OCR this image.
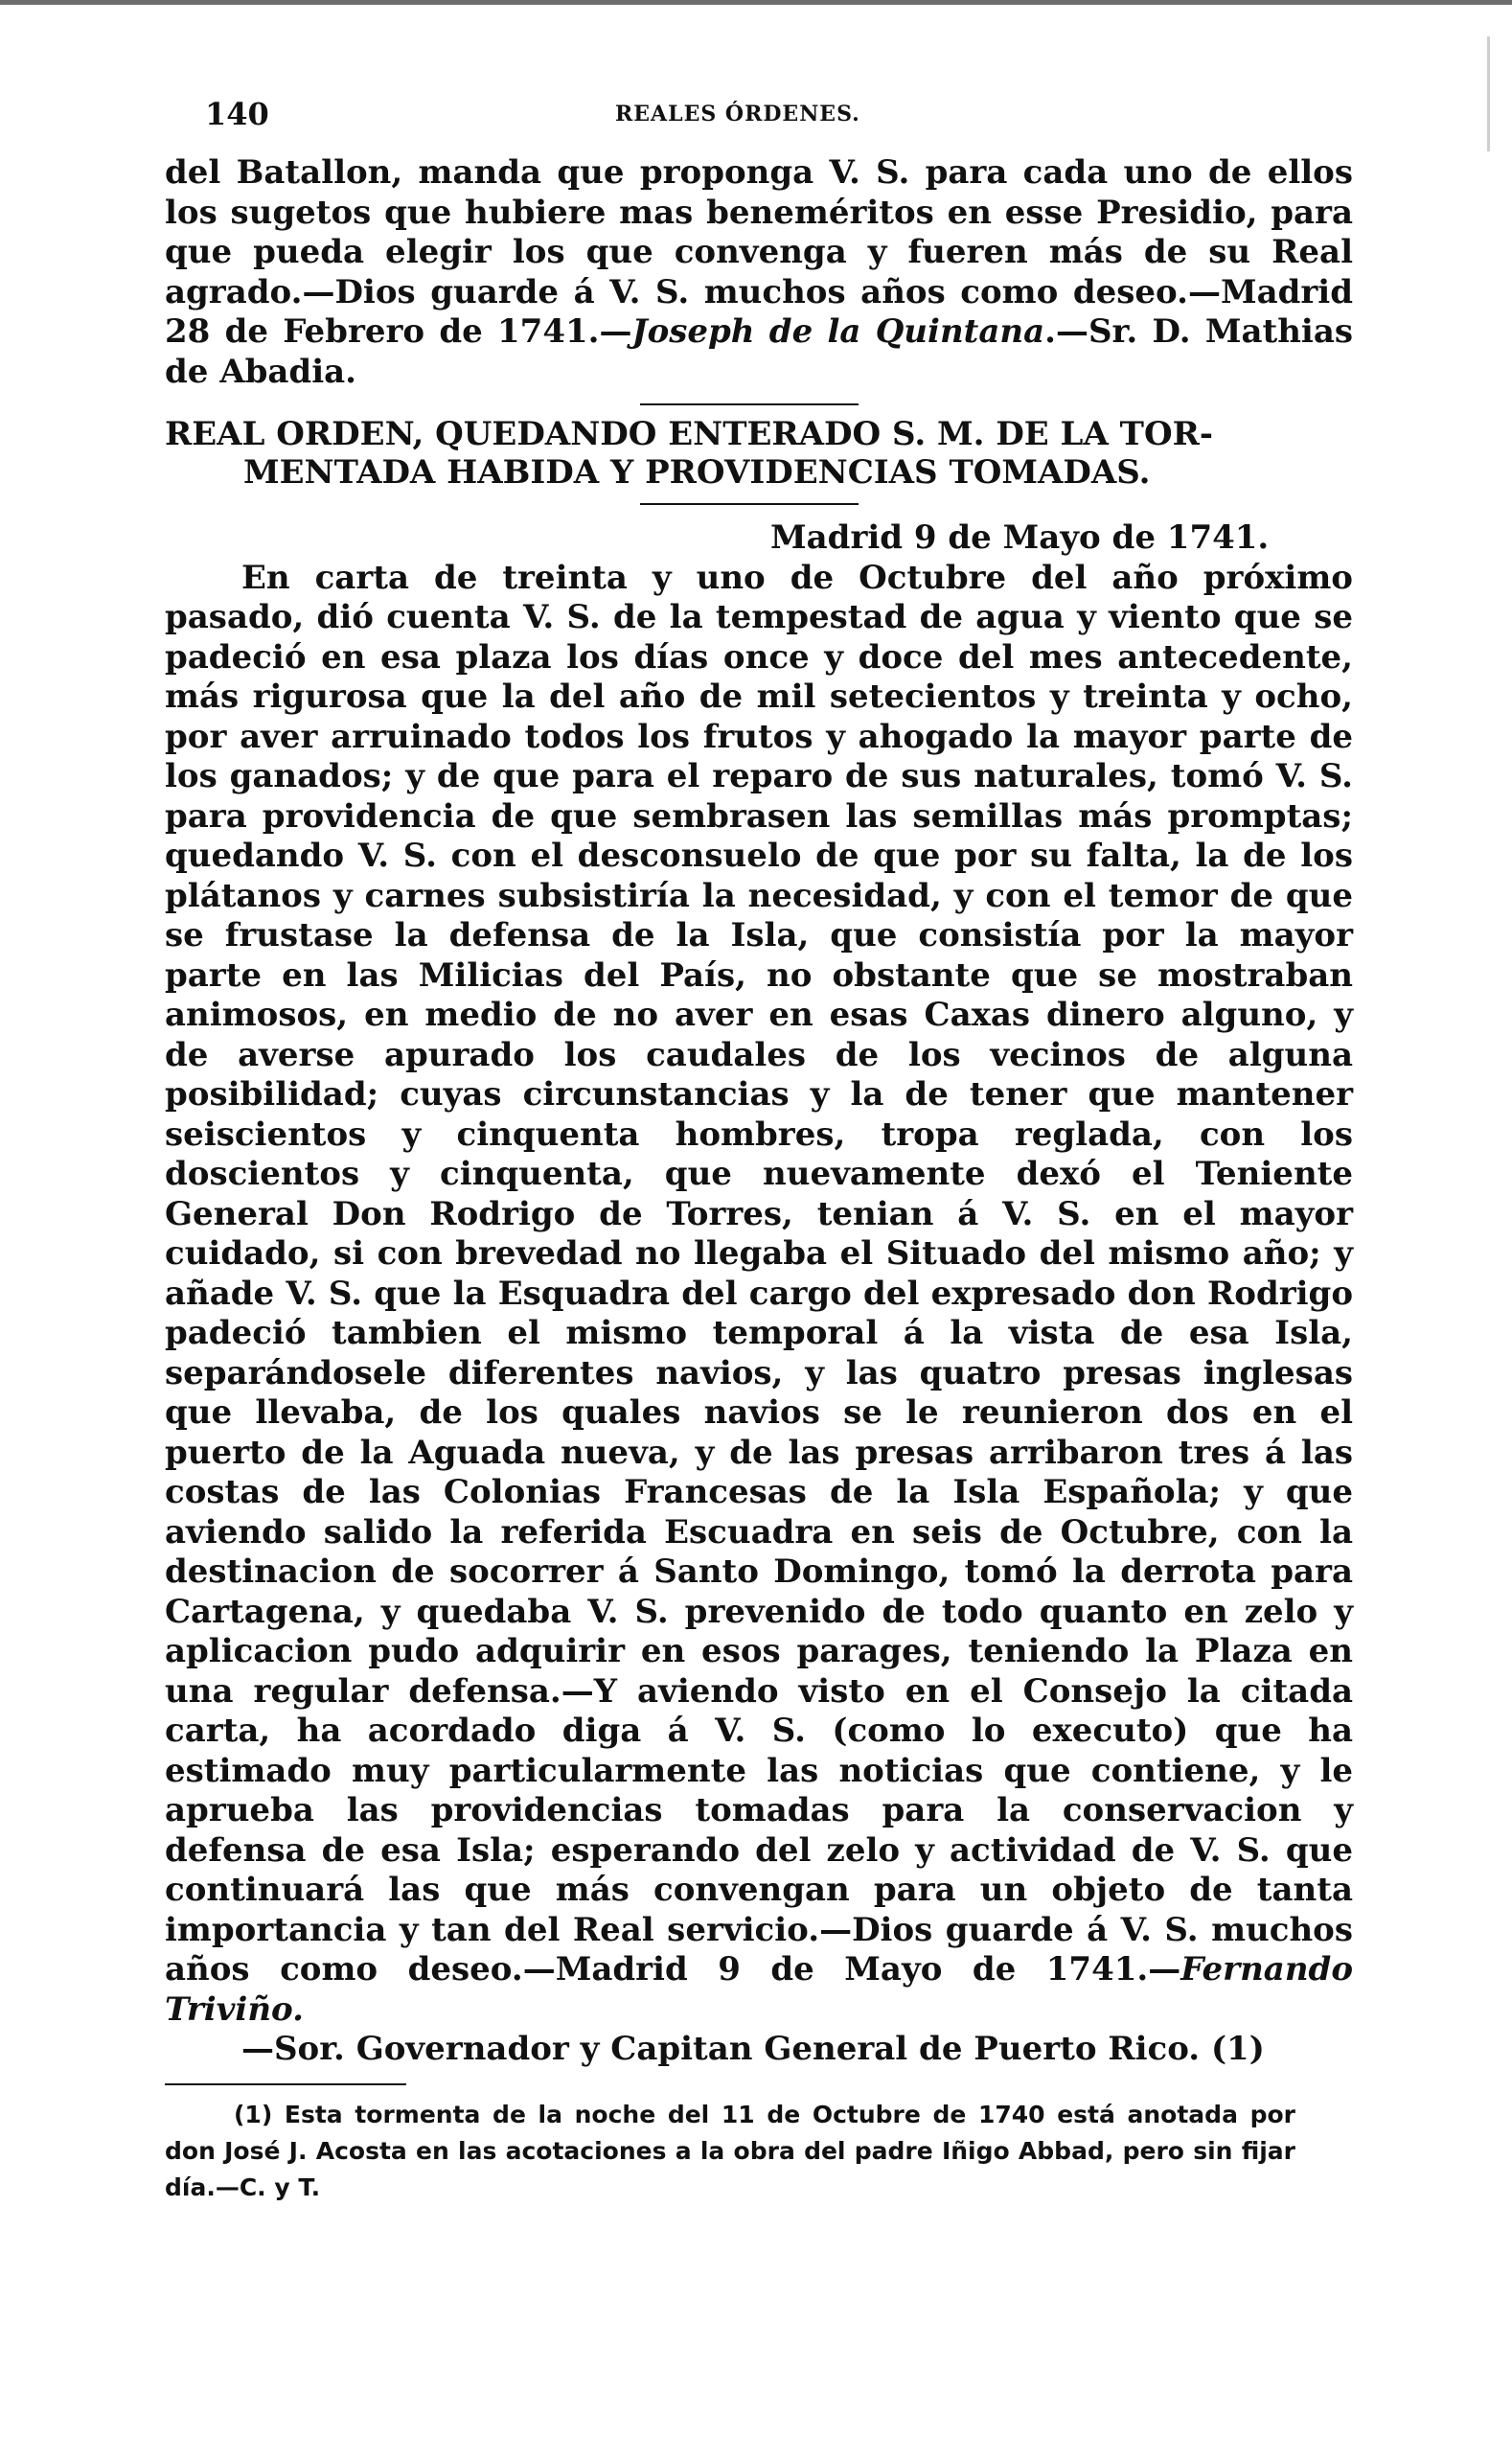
140	REALES ÓRDENES.

del Batallon, manda que proponga V. S. para cada uno de ellos los sugetos que hubiere mas beneméritos en esse Presidio, para que pueda elegir los que convenga y fueren más de su Real agrado.—Dios guarde á V. S. muchos años como deseo.—Madrid 28 de Febrero de 1741.—Joseph de la Quintana.—Sr. D. Mathias de Abadia.

REAL ORDEN, QUEDANDO ENTERADO S. M. DE LA TOR-
MENTADA HABIDA Y PROVIDENCIAS TOMADAS.

Madrid 9 de Mayo de 1741.

En carta de treinta y uno de Octubre del año próximo pasado, dió cuenta V. S. de la tempestad de agua y viento que se padeció en esa plaza los días once y doce del mes antecedente, más rigurosa que la del año de mil setecientos y treinta y ocho, por aver arruinado todos los frutos y ahogado la mayor parte de los ganados; y de que para el reparo de sus naturales, tomó V. S. para providencia de que sembrasen las semillas más promptas; quedando V. S. con el desconsuelo de que por su falta, la de los plátanos y carnes subsistiría la necesidad, y con el temor de que se frustase la defensa de la Isla, que consistía por la mayor parte en las Milicias del País, no obstante que se mostraban animosos, en medio de no aver en esas Caxas dinero alguno, y de averse apurado los caudales de los vecinos de alguna posibilidad; cuyas circunstancias y la de tener que mantener seiscientos y cinquenta hombres, tropa reglada, con los doscientos y cinquenta, que nuevamente dexó el Teniente General Don Rodrigo de Torres, tenian á V. S. en el mayor cuidado, si con brevedad no llegaba el Situado del mismo año; y añade V. S. que la Esquadra del cargo del expresado don Rodrigo padeció tambien el mismo temporal á la vista de esa Isla, separándosele diferentes navios, y las quatro presas inglesas que llevaba, de los quales navios se le reunieron dos en el puerto de la Aguada nueva, y de las presas arribaron tres á las costas de las Colonias Francesas de la Isla Española; y que aviendo salido la referida Escuadra en seis de Octubre, con la destinacion de socorrer á Santo Domingo, tomó la derrota para Cartagena, y quedaba V. S. prevenido de todo quanto en zelo y aplicacion pudo adquirir en esos parages, teniendo la Plaza en una regular defensa.—Y aviendo visto en el Consejo la citada carta, ha acordado diga á V. S. (como lo executo) que ha estimado muy particularmente las noticias que contiene, y le aprueba las providencias tomadas para la conservacion y defensa de esa Isla; esperando del zelo y actividad de V. S. que continuará las que más convengan para un objeto de tanta importancia y tan del Real servicio.—Dios guarde á V. S. muchos años como deseo.—Madrid 9 de Mayo de 1741.—Fernando Triviño.

—Sor. Governador y Capitan General de Puerto Rico. (1)

(1) Esta tormenta de la noche del 11 de Octubre de 1740 está anotada por don José J. Acosta en las acotaciones a la obra del padre Iñigo Abbad, pero sin fijar día.—C. y T.
